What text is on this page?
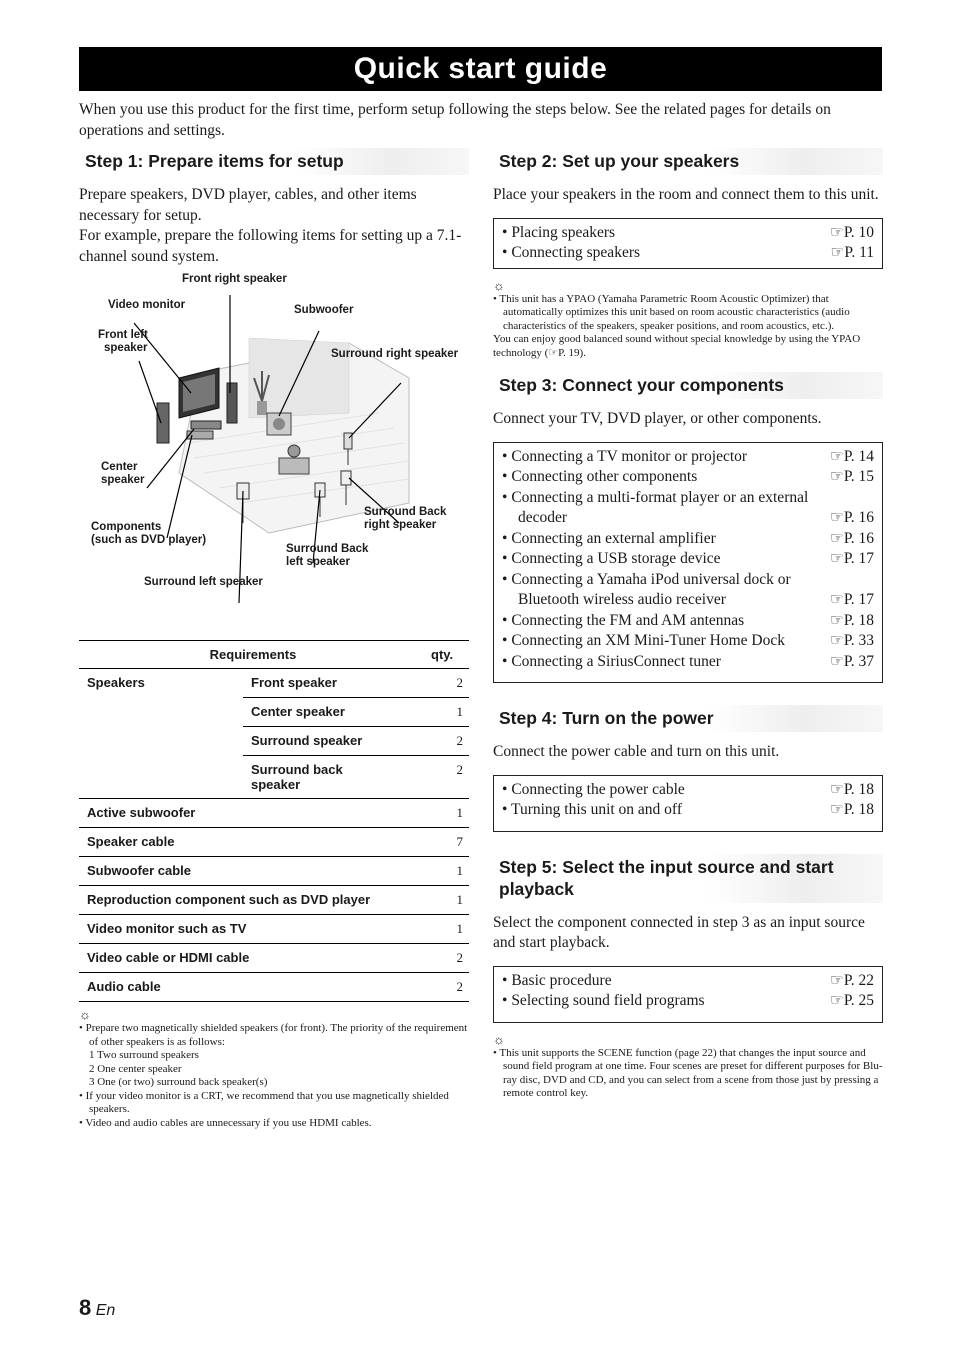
Quick start guide
When you use this product for the first time, perform setup following the steps below. See the related pages for details on operations and settings.
Step 1: Prepare items for setup

Prepare speakers, DVD player, cables, and other items necessary for setup.

For example, prepare the following items for setting up a 7.1-channel sound system.

Front right speaker
Video monitor	Subwoofer
Front left
speaker	Surround right speaker
Center
speaker
Surround Back
right speaker
Components
(such as DVD player)
Surround Back
left speaker
Surround left speaker
Requirements		qty.
Speakers	Front speaker	2
	Center speaker	1
	Surround speaker	2
	Surround back speaker	2
Active subwoofer		1
Speaker cable		7
Subwoofer cable		1
Reproduction component such as DVD player		1
Video monitor such as TV		1
Video cable or HDMI cable		2
Audio cable		2
☼
• Prepare two magnetically shielded speakers (for front). The priority of the requirement of other speakers is as follows:
1 Two surround speakers
2 One center speaker
3 One (or two) surround back speaker(s)
• If your video monitor is a CRT, we recommend that you use magnetically shielded speakers.
• Video and audio cables are unnecessary if you use HDMI cables.
Step 2: Set up your speakers

Place your speakers in the room and connect them to this unit.

• Placing speakers	☞P. 10
• Connecting speakers	☞P. 11
☼
• This unit has a YPAO (Yamaha Parametric Room Acoustic Optimizer) that automatically optimizes this unit based on room acoustic characteristics (audio characteristics of the speakers, speaker positions, and room acoustics, etc.).
You can enjoy good balanced sound without special knowledge by using the YPAO technology (☞P. 19).
Step 3: Connect your components

Connect your TV, DVD player, or other components.

• Connecting a TV monitor or projector	☞P. 14
• Connecting other components	☞P. 15
• Connecting a multi-format player or an external decoder	☞P. 16
• Connecting an external amplifier	☞P. 16
• Connecting a USB storage device	☞P. 17
• Connecting a Yamaha iPod universal dock or Bluetooth wireless audio receiver	☞P. 17
• Connecting the FM and AM antennas	☞P. 18
• Connecting an XM Mini-Tuner Home Dock	☞P. 33
• Connecting a SiriusConnect tuner	☞P. 37
Step 4: Turn on the power

Connect the power cable and turn on this unit.

• Connecting the power cable	☞P. 18
• Turning this unit on and off	☞P. 18
Step 5: Select the input source and start playback

Select the component connected in step 3 as an input source and start playback.

• Basic procedure	☞P. 22
• Selecting sound field programs	☞P. 25
☼
• This unit supports the SCENE function (page 22) that changes the input source and sound field program at one time. Four scenes are preset for different purposes for Blu-ray disc, DVD and CD, and you can select from a scene from those just by pressing a remote control key.
8 En
